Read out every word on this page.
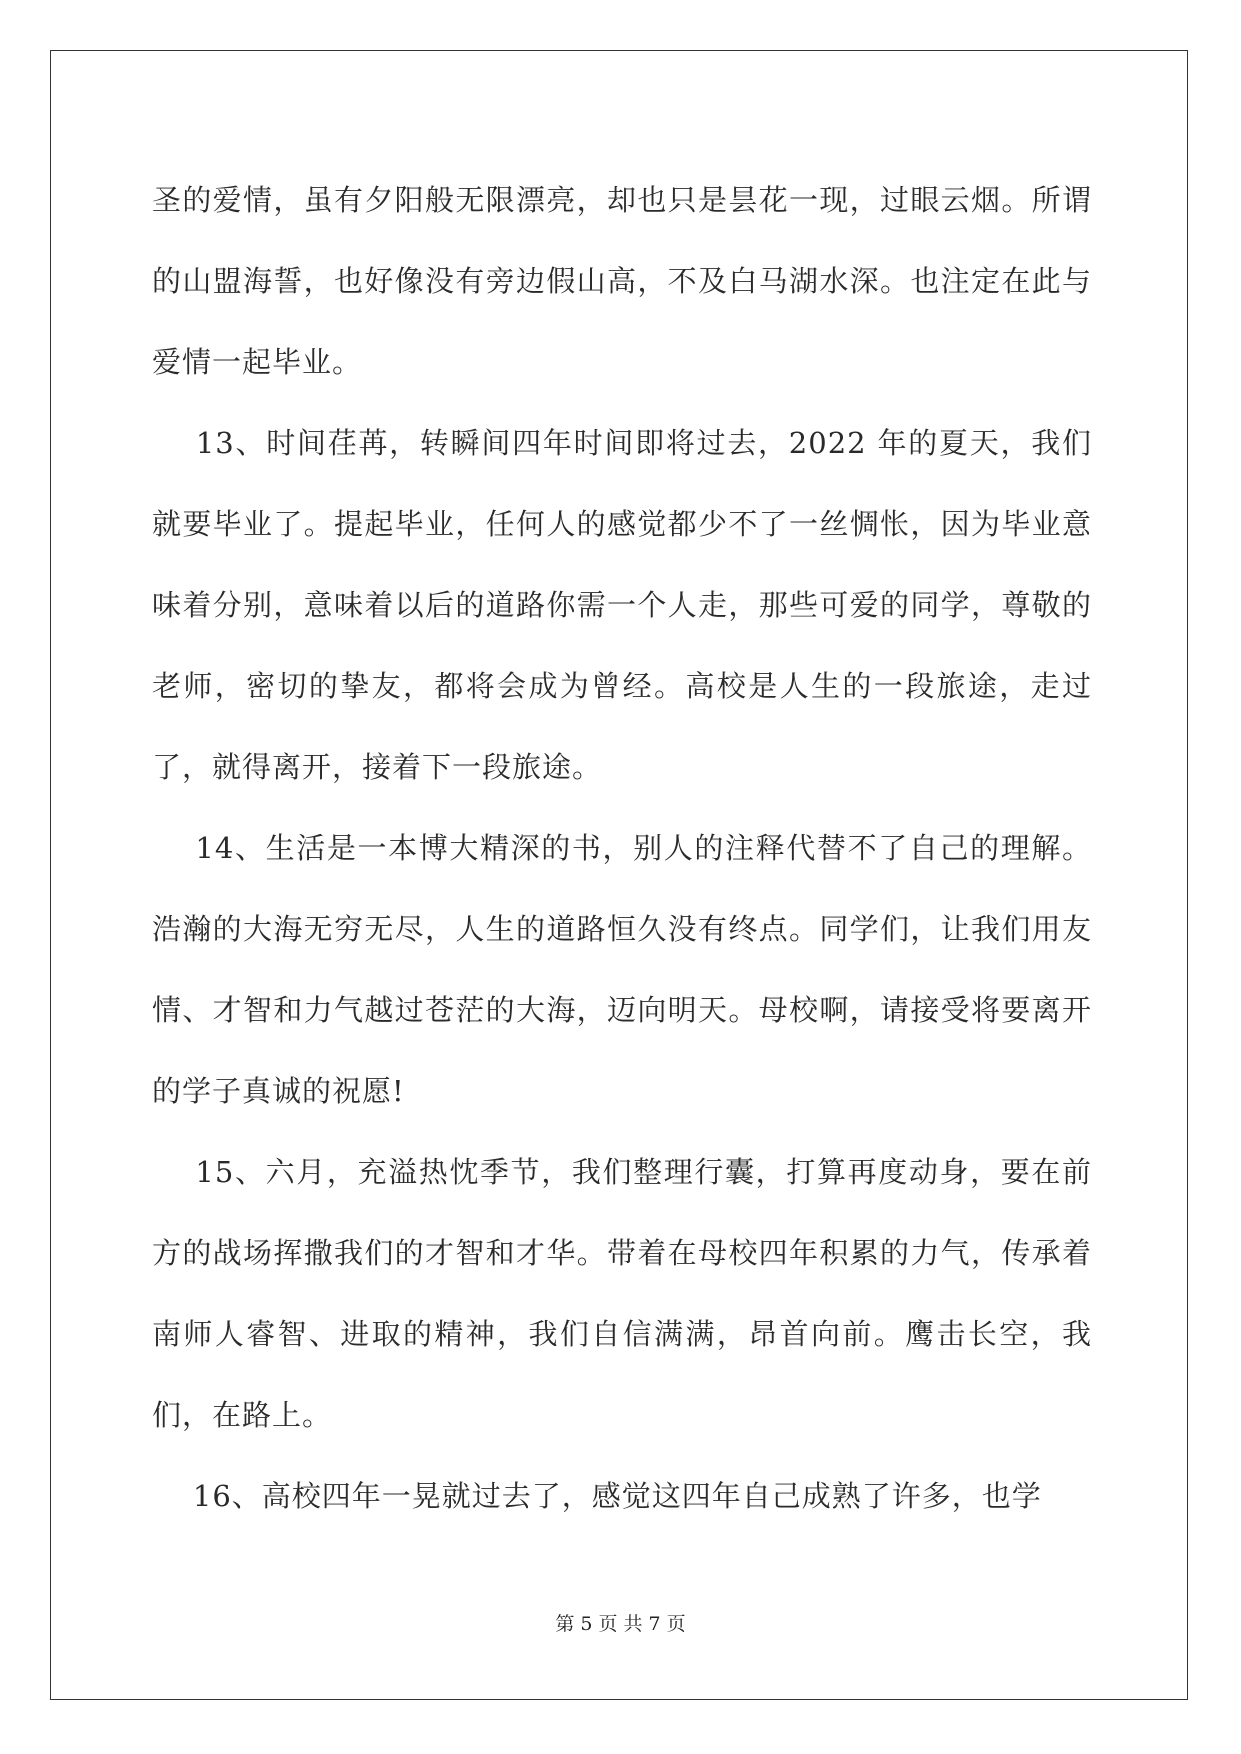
圣的爱情，虽有夕阳般无限漂亮，却也只是昙花一现，过眼云烟。所谓的山盟海誓，也好像没有旁边假山高，不及白马湖水深。也注定在此与爱情一起毕业。

13、时间荏苒，转瞬间四年时间即将过去，2022 年的夏天，我们就要毕业了。提起毕业，任何人的感觉都少不了一丝惆怅，因为毕业意味着分别，意味着以后的道路你需一个人走，那些可爱的同学，尊敬的老师，密切的挚友，都将会成为曾经。高校是人生的一段旅途，走过了，就得离开，接着下一段旅途。

14、生活是一本博大精深的书，别人的注释代替不了自己的理解。浩瀚的大海无穷无尽，人生的道路恒久没有终点。同学们，让我们用友情、才智和力气越过苍茫的大海，迈向明天。母校啊，请接受将要离开的学子真诚的祝愿!

15、六月，充溢热忱季节，我们整理行囊，打算再度动身，要在前方的战场挥撒我们的才智和才华。带着在母校四年积累的力气，传承着南师人睿智、进取的精神，我们自信满满，昂首向前。鹰击长空，我们，在路上。

16、高校四年一晃就过去了，感觉这四年自己成熟了许多，也学

第 5 页 共 7 页
